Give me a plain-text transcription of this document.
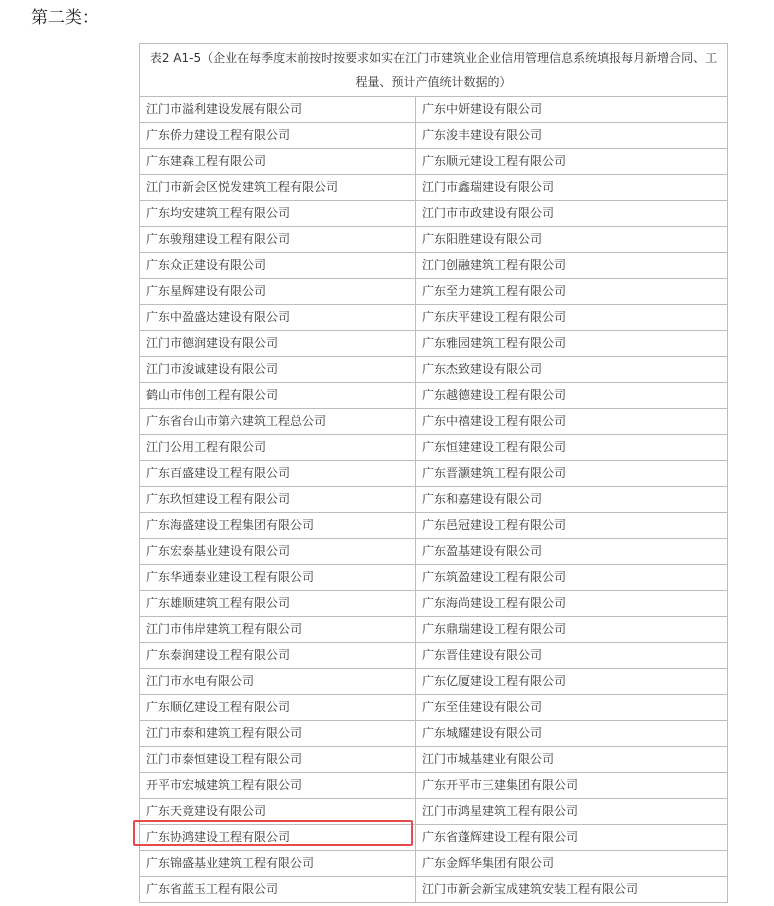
第二类：
表2 A1-5（企业在每季度末前按时按要求如实在江门市建筑业企业信用管理信息系统填报每月新增合同、工程量、预计产值统计数据的）	
江门市溢利建设发展有限公司	广东中妍建设有限公司
广东侨力建设工程有限公司	广东浚丰建设有限公司
广东建森工程有限公司	广东顺元建设工程有限公司
江门市新会区悦发建筑工程有限公司	江门市鑫瑞建设有限公司
广东均安建筑工程有限公司	江门市市政建设有限公司
广东骏翔建设工程有限公司	广东阳胜建设有限公司
广东众正建设有限公司	江门创融建筑工程有限公司
广东星辉建设有限公司	广东至力建筑工程有限公司
广东中盈盛达建设有限公司	广东庆平建设工程有限公司
江门市德润建设有限公司	广东雅园建筑工程有限公司
江门市浚诚建设有限公司	广东杰致建设有限公司
鹤山市伟创工程有限公司	广东越德建设工程有限公司
广东省台山市第六建筑工程总公司	广东中禧建设工程有限公司
江门公用工程有限公司	广东恒建建设工程有限公司
广东百盛建设工程有限公司	广东晋灏建筑工程有限公司
广东玖恒建设工程有限公司	广东和嘉建设有限公司
广东海盛建设工程集团有限公司	广东邑冠建设工程有限公司
广东宏泰基业建设有限公司	广东盈基建设有限公司
广东华通泰业建设工程有限公司	广东筑盈建设工程有限公司
广东雄顺建筑工程有限公司	广东海尚建设工程有限公司
江门市伟岸建筑工程有限公司	广东鼎瑞建设工程有限公司
广东泰润建设工程有限公司	广东晋佳建设有限公司
江门市水电有限公司	广东亿厦建设工程有限公司
广东顺亿建设工程有限公司	广东至佳建设有限公司
江门市泰和建筑工程有限公司	广东城耀建设有限公司
江门市泰恒建设工程有限公司	江门市城基建业有限公司
开平市宏城建筑工程有限公司	广东开平市三建集团有限公司
广东天竟建设有限公司	江门市鸿星建筑工程有限公司
广东协鸿建设工程有限公司	广东省蓬辉建设工程有限公司
广东锦盛基业建筑工程有限公司	广东金辉华集团有限公司
广东省蓝玉工程有限公司	江门市新会新宝成建筑安装工程有限公司
